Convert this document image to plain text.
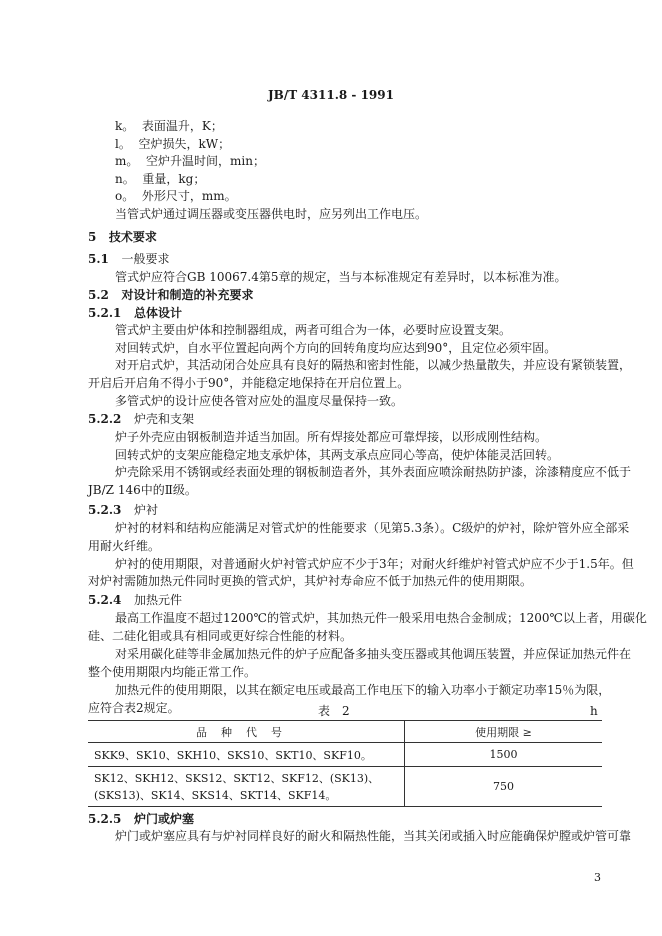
JB/T 4311.8 - 1991
k。 表面温升，K；
l。 空炉损失，kW；
m。 空炉升温时间，min；
n。 重量，kg；
o。 外形尺寸，mm。
当管式炉通过调压器或变压器供电时，应另列出工作电压。
5 技术要求
5.1 一般要求
管式炉应符合GB 10067.4第5章的规定，当与本标准规定有差异时，以本标准为准。
5.2 对设计和制造的补充要求
5.2.1 总体设计
管式炉主要由炉体和控制器组成，两者可组合为一体，必要时应设置支架。
对回转式炉，自水平位置起向两个方向的回转角度均应达到90°，且定位必须牢固。
对开启式炉，其活动闭合处应具有良好的隔热和密封性能，以减少热量散失，并应设有紧锁装置，
开启后开启角不得小于90°，并能稳定地保持在开启位置上。
多管式炉的设计应使各管对应处的温度尽量保持一致。
5.2.2 炉壳和支架
炉子外壳应由钢板制造并适当加固。所有焊接处都应可靠焊接，以形成刚性结构。
回转式炉的支架应能稳定地支承炉体，其两支承点应同心等高，使炉体能灵活回转。
炉壳除采用不锈钢或经表面处理的钢板制造者外，其外表面应喷涂耐热防护漆，涂漆精度应不低于
JB/Z 146中的Ⅱ级。
5.2.3 炉衬
炉衬的材料和结构应能满足对管式炉的性能要求（见第5.3条）。C级炉的炉衬，除炉管外应全部采
用耐火纤维。
炉衬的使用期限，对普通耐火炉衬管式炉应不少于3年；对耐火纤维炉衬管式炉应不少于1.5年。但
对炉衬需随加热元件同时更换的管式炉，其炉衬寿命应不低于加热元件的使用期限。
5.2.4 加热元件
最高工作温度不超过1200℃的管式炉，其加热元件一般采用电热合金制成；1200℃以上者，用碳化
硅、二硅化钼或具有相同或更好综合性能的材料。
对采用碳化硅等非金属加热元件的炉子应配备多抽头变压器或其他调压装置，并应保证加热元件在
整个使用期限内均能正常工作。
加热元件的使用期限，以其在额定电压或最高工作电压下的输入功率小于额定功率15％为限，
应符合表2规定。	表　2	h
品种代号	使用期限 ≥
SKK9、SK10、SKH10、SKS10、SKT10、SKF10。	1500

SK12、SKH12、SKS12、SKT12、SKF12、(SK13)、
(SKS13)、SK14、SKS14、SKT14、SKF14。	750
5.2.5 炉门或炉塞
炉门或炉塞应具有与炉衬同样良好的耐火和隔热性能，当其关闭或插入时应能确保炉膛或炉管可靠
3
